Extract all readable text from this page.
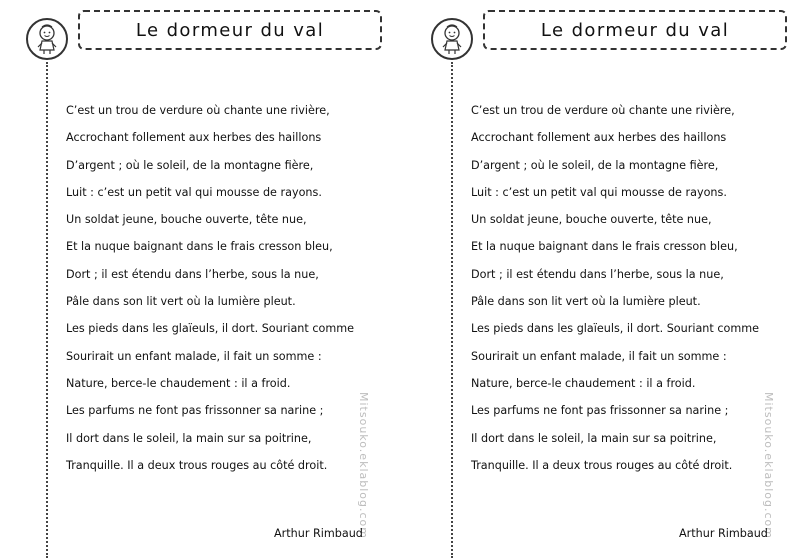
Le dormeur du val
C’est un trou de verdure où chante une rivière,
Accrochant follement aux herbes des haillons
D’argent ; où le soleil, de la montagne fière,
Luit : c’est un petit val qui mousse de rayons.
Un soldat jeune, bouche ouverte, tête nue,
Et la nuque baignant dans le frais cresson bleu,
Dort ; il est étendu dans l’herbe, sous la nue,
Pâle dans son lit vert où la lumière pleut.
Les pieds dans les glaïeuls, il dort. Souriant comme
Sourirait un enfant malade, il fait un somme :
Nature, berce-le chaudement : il a froid.
Les parfums ne font pas frissonner sa narine ;
Il dort dans le soleil, la main sur sa poitrine,
Tranquille. Il a deux trous rouges au côté droit.	Mitsouko.eklablog.com
Arthur Rimbaud
Le dormeur du val
C’est un trou de verdure où chante une rivière,
Accrochant follement aux herbes des haillons
D’argent ; où le soleil, de la montagne fière,
Luit : c’est un petit val qui mousse de rayons.
Un soldat jeune, bouche ouverte, tête nue,
Et la nuque baignant dans le frais cresson bleu,
Dort ; il est étendu dans l’herbe, sous la nue,
Pâle dans son lit vert où la lumière pleut.
Les pieds dans les glaïeuls, il dort. Souriant comme
Sourirait un enfant malade, il fait un somme :
Nature, berce-le chaudement : il a froid.
Les parfums ne font pas frissonner sa narine ;
Il dort dans le soleil, la main sur sa poitrine,
Tranquille. Il a deux trous rouges au côté droit.	Mitsouko.eklablog.com
Arthur Rimbaud
